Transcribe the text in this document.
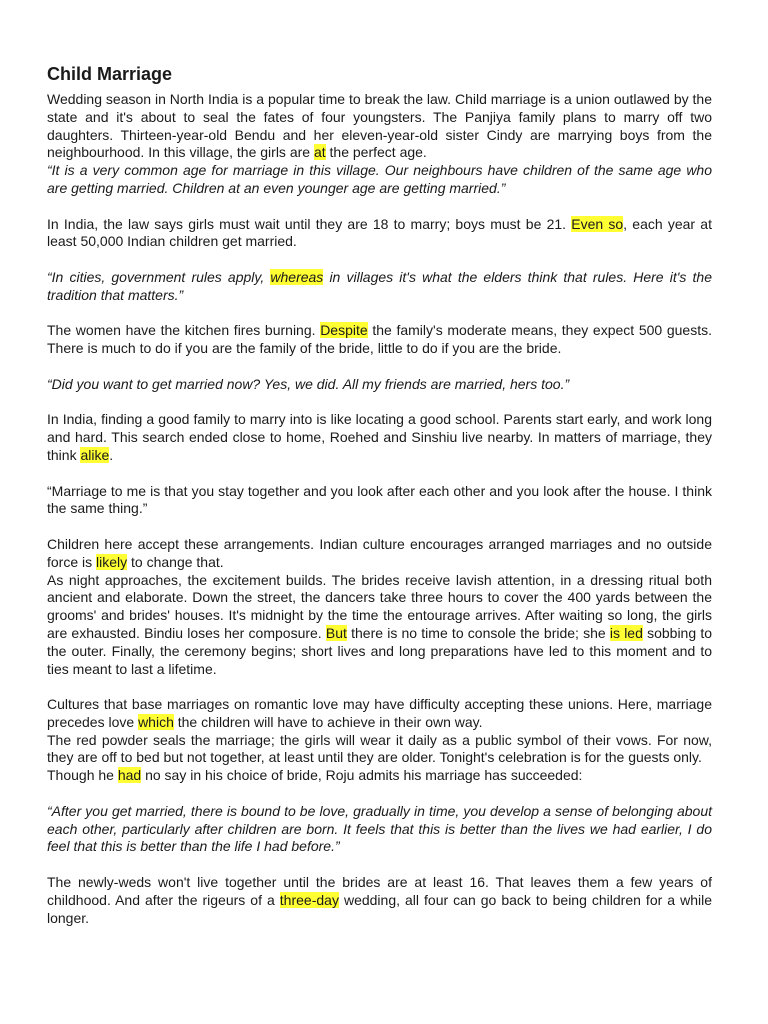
Child Marriage

Wedding season in North India is a popular time to break the law. Child marriage is a union outlawed by the state and it's about to seal the fates of four youngsters. The Panjiya family plans to marry off two daughters. Thirteen-year-old Bendu and her eleven-year-old sister Cindy are marrying boys from the neighbourhood. In this village, the girls are at the perfect age.

“It is a very common age for marriage in this village. Our neighbours have children of the same age who are getting married. Children at an even younger age are getting married.”

In India, the law says girls must wait until they are 18 to marry; boys must be 21. Even so, each year at least 50,000 Indian children get married.

“In cities, government rules apply, whereas in villages it's what the elders think that rules. Here it's the tradition that matters.”

The women have the kitchen fires burning. Despite the family's moderate means, they expect 500 guests. There is much to do if you are the family of the bride, little to do if you are the bride.

“Did you want to get married now? Yes, we did. All my friends are married, hers too.”

In India, finding a good family to marry into is like locating a good school. Parents start early, and work long and hard. This search ended close to home, Roehed and Sinshiu live nearby. In matters of marriage, they think alike.

“Marriage to me is that you stay together and you look after each other and you look after the house. I think the same thing.”

Children here accept these arrangements. Indian culture encourages arranged marriages and no outside force is likely to change that.

As night approaches, the excitement builds. The brides receive lavish attention, in a dressing ritual both ancient and elaborate. Down the street, the dancers take three hours to cover the 400 yards between the grooms' and brides' houses. It's midnight by the time the entourage arrives. After waiting so long, the girls are exhausted. Bindiu loses her composure. But there is no time to console the bride; she is led sobbing to the outer. Finally, the ceremony begins; short lives and long preparations have led to this moment and to ties meant to last a lifetime.

Cultures that base marriages on romantic love may have difficulty accepting these unions. Here, marriage precedes love which the children will have to achieve in their own way.

The red powder seals the marriage; the girls will wear it daily as a public symbol of their vows. For now, they are off to bed but not together, at least until they are older. Tonight's celebration is for the guests only.

Though he had no say in his choice of bride, Roju admits his marriage has succeeded:

“After you get married, there is bound to be love, gradually in time, you develop a sense of belonging about each other, particularly after children are born. It feels that this is better than the lives we had earlier, I do feel that this is better than the life I had before.”

The newly-weds won't live together until the brides are at least 16. That leaves them a few years of childhood. And after the rigeurs of a three-day wedding, all four can go back to being children for a while longer.
